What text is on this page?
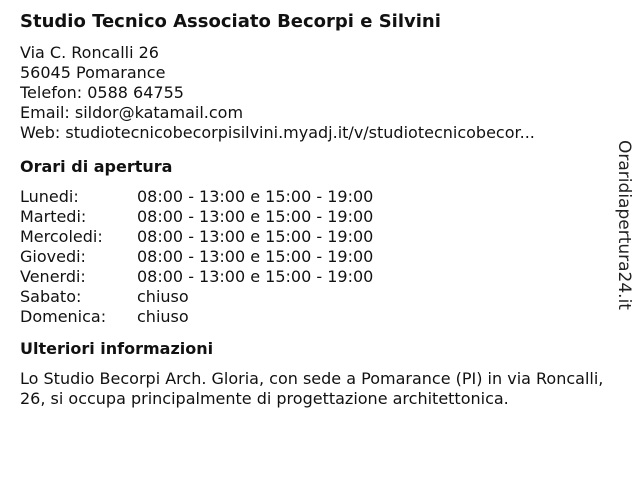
Studio Tecnico Associato Becorpi e Silvini
Via C. Roncalli 26
56045 Pomarance
Telefon: 0588 64755
Email: sildor@katamail.com
Web: studiotecnicobecorpisilvini.myadj.it/v/studiotecnicobecor...
Orari di apertura
Lunedi:	08:00 - 13:00 e 15:00 - 19:00
Martedi:	08:00 - 13:00 e 15:00 - 19:00
Mercoledi:	08:00 - 13:00 e 15:00 - 19:00
Giovedi:	08:00 - 13:00 e 15:00 - 19:00
Venerdi:	08:00 - 13:00 e 15:00 - 19:00
Sabato:	chiuso
Domenica:	chiuso
Ulteriori informazioni
Lo Studio Becorpi Arch. Gloria, con sede a Pomarance (PI) in via Roncalli, 26, si occupa principalmente di progettazione architettonica.
Oraridiapertura24.it
